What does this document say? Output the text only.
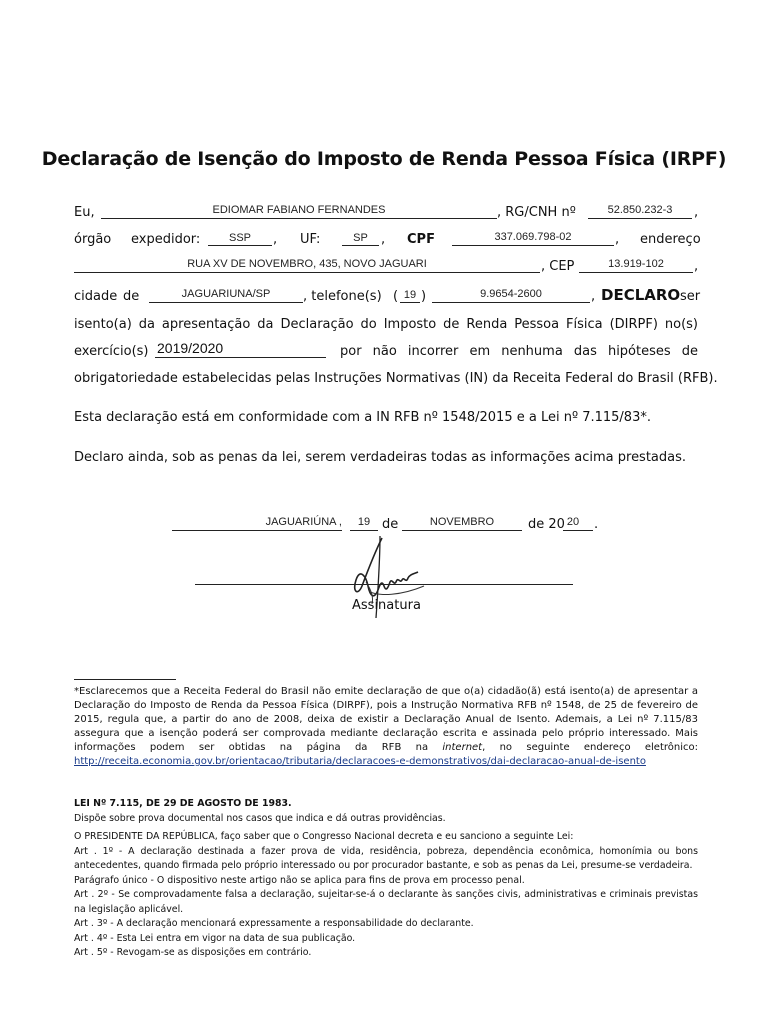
Declaração de Isenção do Imposto de Renda Pessoa Física (IRPF)
Eu,	EDIOMAR FABIANO FERNANDES	, RG/CNH nº	52.850.232-3	,
órgão expedidor:	SSP	, UF:	SP	, CPF	337.069.798-02	, endereço
RUA XV DE NOVEMBRO, 435, NOVO JAGUARI	, CEP	13.919-102	,
cidade de	JAGUARIUNA/SP	, telefone(s) ( 19 )	9.9654-2600	, DECLARO ser
isento(a) da apresentação da Declaração do Imposto de Renda Pessoa Física (DIRPF) no(s)
exercício(s) 2019/2020	por não incorrer em nenhuma das hipóteses de
obrigatoriedade estabelecidas pelas Instruções Normativas (IN) da Receita Federal do Brasil (RFB).
Esta declaração está em conformidade com a IN RFB nº 1548/2015 e a Lei nº 7.115/83*.
Declaro ainda, sob as penas da lei, serem verdadeiras todas as informações acima prestadas.
JAGUARIÚNA ,	19 de	NOVEMBRO	de 20 20 .
Assinatura
*Esclarecemos que a Receita Federal do Brasil não emite declaração de que o(a) cidadão(ã) está isento(a) de apresentar a Declaração do Imposto de Renda da Pessoa Física (DIRPF), pois a Instrução Normativa RFB nº 1548, de 25 de fevereiro de 2015, regula que, a partir do ano de 2008, deixa de existir a Declaração Anual de Isento. Ademais, a Lei nº 7.115/83 assegura que a isenção poderá ser comprovada mediante declaração escrita e assinada pelo próprio interessado. Mais informações podem ser obtidas na página da RFB na internet, no seguinte endereço eletrônico: http://receita.economia.gov.br/orientacao/tributaria/declaracoes-e-demonstrativos/dai-declaracao-anual-de-isento
LEI Nº 7.115, DE 29 DE AGOSTO DE 1983.
Dispõe sobre prova documental nos casos que indica e dá outras providências.
O PRESIDENTE DA REPÚBLICA, faço saber que o Congresso Nacional decreta e eu sanciono a seguinte Lei:
Art . 1º - A declaração destinada a fazer prova de vida, residência, pobreza, dependência econômica, homonímia ou bons antecedentes, quando firmada pelo próprio interessado ou por procurador bastante, e sob as penas da Lei, presume-se verdadeira.
Parágrafo único - O dispositivo neste artigo não se aplica para fins de prova em processo penal.
Art . 2º - Se comprovadamente falsa a declaração, sujeitar-se-á o declarante às sanções civis, administrativas e criminais previstas na legislação aplicável.
Art . 3º - A declaração mencionará expressamente a responsabilidade do declarante.
Art . 4º - Esta Lei entra em vigor na data de sua publicação.
Art . 5º - Revogam-se as disposições em contrário.
